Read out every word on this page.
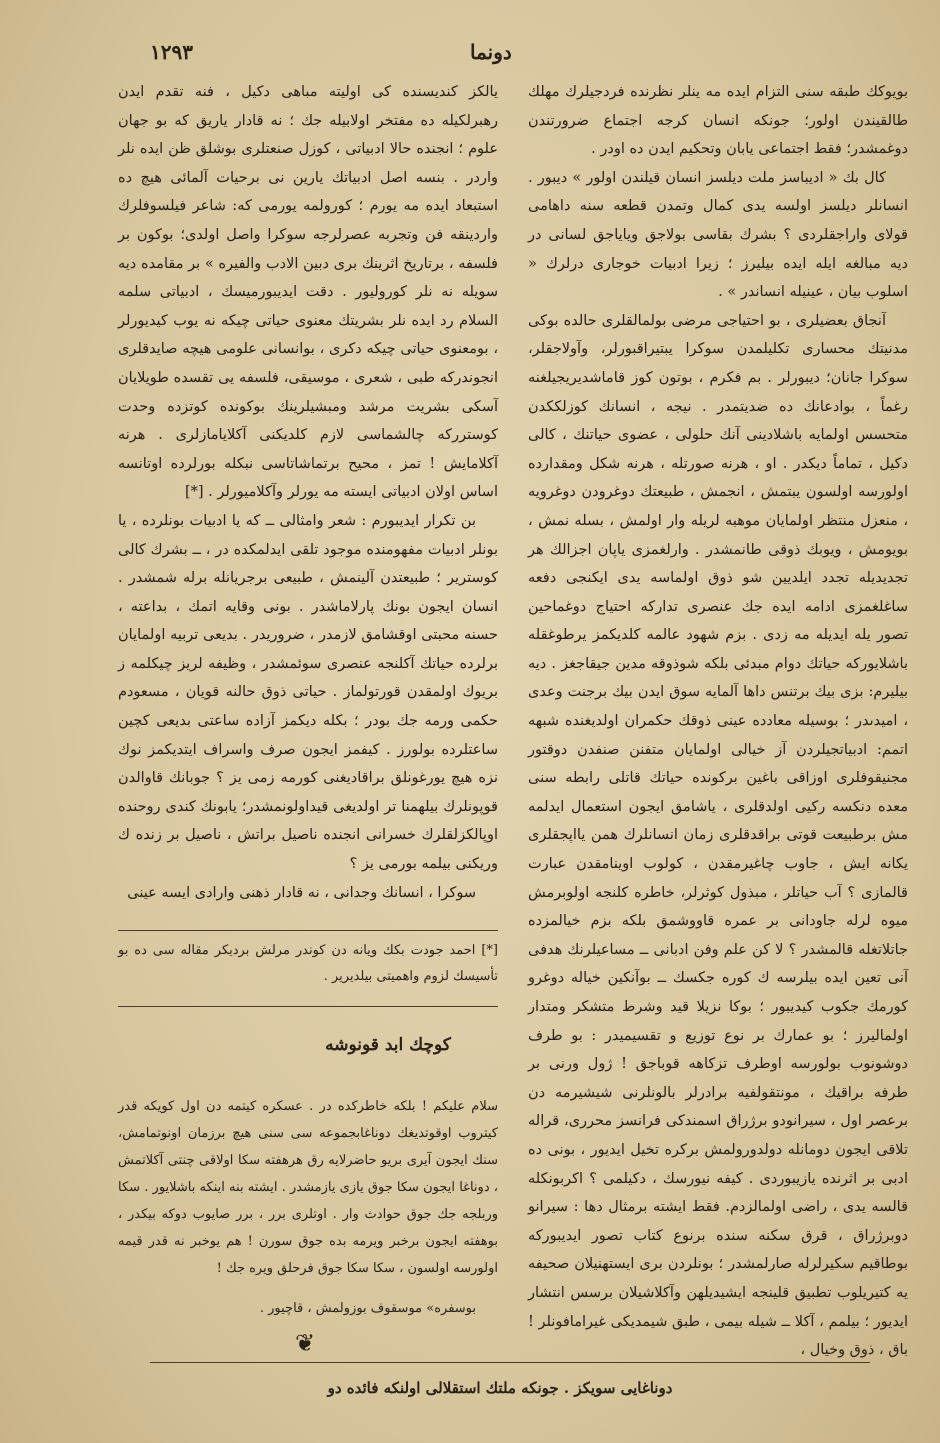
١٢٩٣	دونما

بويوكك طبقه سنى التزام ايده مه ينلر نظرنده فردجيلرك مهلك طالقيندن اولور؛ جونكه انسان كرجه اجتماع ضرورتندن دوغمشدر؛ فقط اجتماعى يابان وتحكيم ايدن ده اودر .

كال بك « اديباسز ملت ديلسز انسان قيلندن اولور » ديبور . انسانلر ديلسز اولسه يدى كمال وتمدن قطعه سنه داهامى قولاى واراجقلردى ؟ بشرك بقاسى بولاجق وياياجق لسانى در ديه مبالغه ايله ايده بيليرز ؛ زيرا ادبيات خوجارى درلرك « اسلوب بيان ، عينيله انساندر » .

آنجاق بعضيلرى ، بو احتياجى مرضى بولمالقلرى حالده بوكى مدنيتك محسارى تكليلمدن سوكرا يبتيراقبورلر، وآولاجقلر، سوكرا جانان؛ ديبورلر . بم فكرم ، بوتون كوز قاماشديريجيلغنه رغماً ، بوادعانك ده ضديتمدر . نيجه ، انسانك كوزلككدن متحسس اولمايه باشلادينى آنك حلولى ، عضوى حياتنك ، كالى دكيل ، تماماً ديكدر . او ، هرنه صورتله ، هرنه شكل ومقدارده اولورسه اولسون يبتمش ، انجمش ، طبيعتك دوغرودن دوغرويه ، منعزل منتظر اولمايان موهبه لريله وار اولمش ، بسله نمش ، بويومش ، ويوبك ذوقى طانمشدر . وارلغمزى ياپان اجزالك هر تجديديله تجدد ايلديين شو ذوق اولماسه يدى ايكنجى دفعه ساغلغمزى ادامه ايده جك عنصرى تداركه احتياج دوغماحين تصور يله ايديله مه زدى . بزم شهود عالمه كلديكمز يرطوغقله باشلايوركه حياتك دوام مبدئى بلكه شوذوقه مدين جيقاجغز . ديه بيليرم: بزى بيك برتنس داها آلمايه سوق ايدن بيك برجنت وعدى ، اميدىدر ؛ بوسيله معادده عينى ذوقك حكمران اولديغنده شبهه اتمم: ادبياتجيلردن آز خيالى اولمايان متفنن صنفدن دوقتور مجنيقوفلرى اوزاقى باغين بركونده حياتك قاتلى رابطه سنى معده دنكسه ركيى اولدقلرى ، ياشامق ايجون استعمال ايدلمه مش برطبيعت قوتى براقدقلرى زمان انسانلرك همن يااپجقلرى يكانه ايش ، جاوب چاغيرمقدن ، كولوب اوينامقدن عبارت قالمازى ؟ آب حياتلر ، مبذول كوثرلر، خاطره كلنجه اولوبرمش ميوه لرله جاودانى بر عمره قاووشمق بلكه بزم خيالمزده جاتلاتغله قالمشدر ؟ لا كن علم وفن ادبانى ــ مساعيلرنك هدفى آنى تعين ايده بيلرسه ك كوره جكسك ــ بوآنكين خياله دوغرو كورمك جكوب كيديبور ؛ بوكا نزيلا قيد وشرط متشكر ومتدار اولماليرز ؛ بو عمارك بر نوع توزيع و تقسيميدر : بو طرف دوشونوب بولورسه اوطرف تزكاهه قوباجق ! ژول ورنى بر طرفه براقيك ، مونتقولفيه برادرلر بالونلرنى شيشيرمه دن برعصر اول ، سيرانودو برژراق اسمندكى فرانسز محررى، قراله تلاقى ايجون دومانله دولدورولمش بركره تخيل ايديور ، بونى ده ادبى بر اثرنده يازيبوردى . كيفه نيورسك ، دكيلمى ؟ اكربونكله قالسه يدى ، راضى اولمالزدم. فقط ايشته برمثال دها : سيرانو دوبرژراق ، قرق سكنه سنده برنوع كتاب تصور ايديبوركه بوطاقيم سكيرلرله صارلمشدر ؛ بونلردن برى ايستهنيلان صحيفه يه كتيريلوب تطبيق قلينجه ايشيديلهن وآكلاشيلان برسس انتشار ايديور ؛ بيلمم ، آكلا ــ شيله بيمى ، طبق شيمديكى غيرامافونلر ! باق ، ذوق وخيال ،

يالكز كنديسنده كى اوليته مباهى دكيل ، فنه تقدم ايدن رهبرلكيله ده مفتخر اولابيله جك ؛ نه قادار ياريق كه بو جهان علوم ؛ انجنده حالا ادبياتى ، كوزل صنعتلرى بوشلق ظن ايده نلر واردر . بنسه اصل ادبياتك يارين نى برحيات آلمائى هيچ ده استبعاد ايده مه يورم ؛ كورولمه يورمى كه: شاعر فيلسوفلرك واردينقه فن وتجربه عصرلرجه سوكرا واصل اولدى؛ بوكون بر فلسفه ، برتاريخ اثرينك برى دبين الادب والفيره » بر مقامده ديه سويله نه نلر كوروليور . دقت ايديبورميسك ، ادبياتى سلمه السلام رد ايده نلر بشريتك معنوى حياتى چيكه نه يوب كيديورلر ، بومعنوى حياتى چيكه دكرى ، بوانسانى علومى هيچه صايدقلرى انجوندركه طبى ، شعرى ، موسيقى، فلسفه يى تقسده طويلايان آسكى بشريت مرشد ومبشيلرينك بوكونده كوتزده وحدت كوسترركه چالشماسى لازم كلديكنى آكلايامازلرى . هرنه آكلامايش ! تمز ، محيح برتماشاتاسى نبكله بورلرده اوتانسه اساس اولان ادبياتى ايسته مه يورلر وآكلاميورلر . [*]

بن تكرار ايديبورم : شعر وامثالى ــ كه يا ادبيات بونلرده ، يا بونلر ادبيات مفهومنده موجود تلقى ايدلمكده در ، ــ بشرك كالى كوسترير ؛ طبيعتدن آلينمش ، طبيعى برجريانله برله شمشدر . انسان ايجون بونك پارلاماشدر . بونى وقايه اتمك ، بداعته ، حسنه محبتى اوقشامق لازمدر ، ضروريدر . بديعى تربيه اولمايان برلرده حياتك آكلنجه عنصرى سوئمشدر ، وظيفه لريز چيكلمه ز بريوك اولمقدن قورتولماز . حياتى ذوق حالنه قويان ، مسعودم حكمى ورمه جك بودر ؛ بكله ديكمز آزاده ساعتى بديعى كچين ساعتلرده بولورز . كيفمز ايجون صرف واسراف ايتديكمز نوك نزه هيچ يورغونلق براقاديغنى كورمه زمى يز ؟ جوبانك قاوالدن قوپونلرك بيلهمنا تر اولديغى قيداولونمشدر؛ يابونك كندى روحنده اوپالكزلقلرك خسرانى انجنده ناصيل براتش ، ناصيل بر زنده ك وريكنى بيلمه بورمى يز ؟

سوكرا ، انسانك وجدانى ، نه قادار ذهنى وارادى ايسه عينى

[*] احمد جودت بكك ويانه دن كوندر مرلش برديكر مقاله سى ده بو تأسيسك لزوم واهميتى بيلديرير .
كوچك ابد قونوشه

سلام عليكم ! بلكه خاطركده در . عسكره كيتمه دن اول كويكه قدر كيتروب اوقوتديغك دوناغابجموعه سى سنى هيچ برزمان اونوتمامش، سنك ايجون آيرى بريو حاضرلايه رق هرهفته سكا اولاقى چنتى آكلاتمش ، دوناغا ايجون سكا جوق يازى يازمشدر . ايشته بنه اينكه باشلايور . سكا وربلجه جك جوق حوادث وار . اوتلرى برر ، برر صايوب دوكه بيكدر ، بوهفته ايجون برخبر ويرمه بده جوق سورن ! هم يوخبر نه قدر قيمه اولورسه اولسون ، سكا سكا جوق فرحلق ويره جك !

بوسفره» موسقوف بوزولمش ، قاچيور .

❦
دوناغايى سويكز . جونكه ملتك استقلالى اولنكه فائده دو
